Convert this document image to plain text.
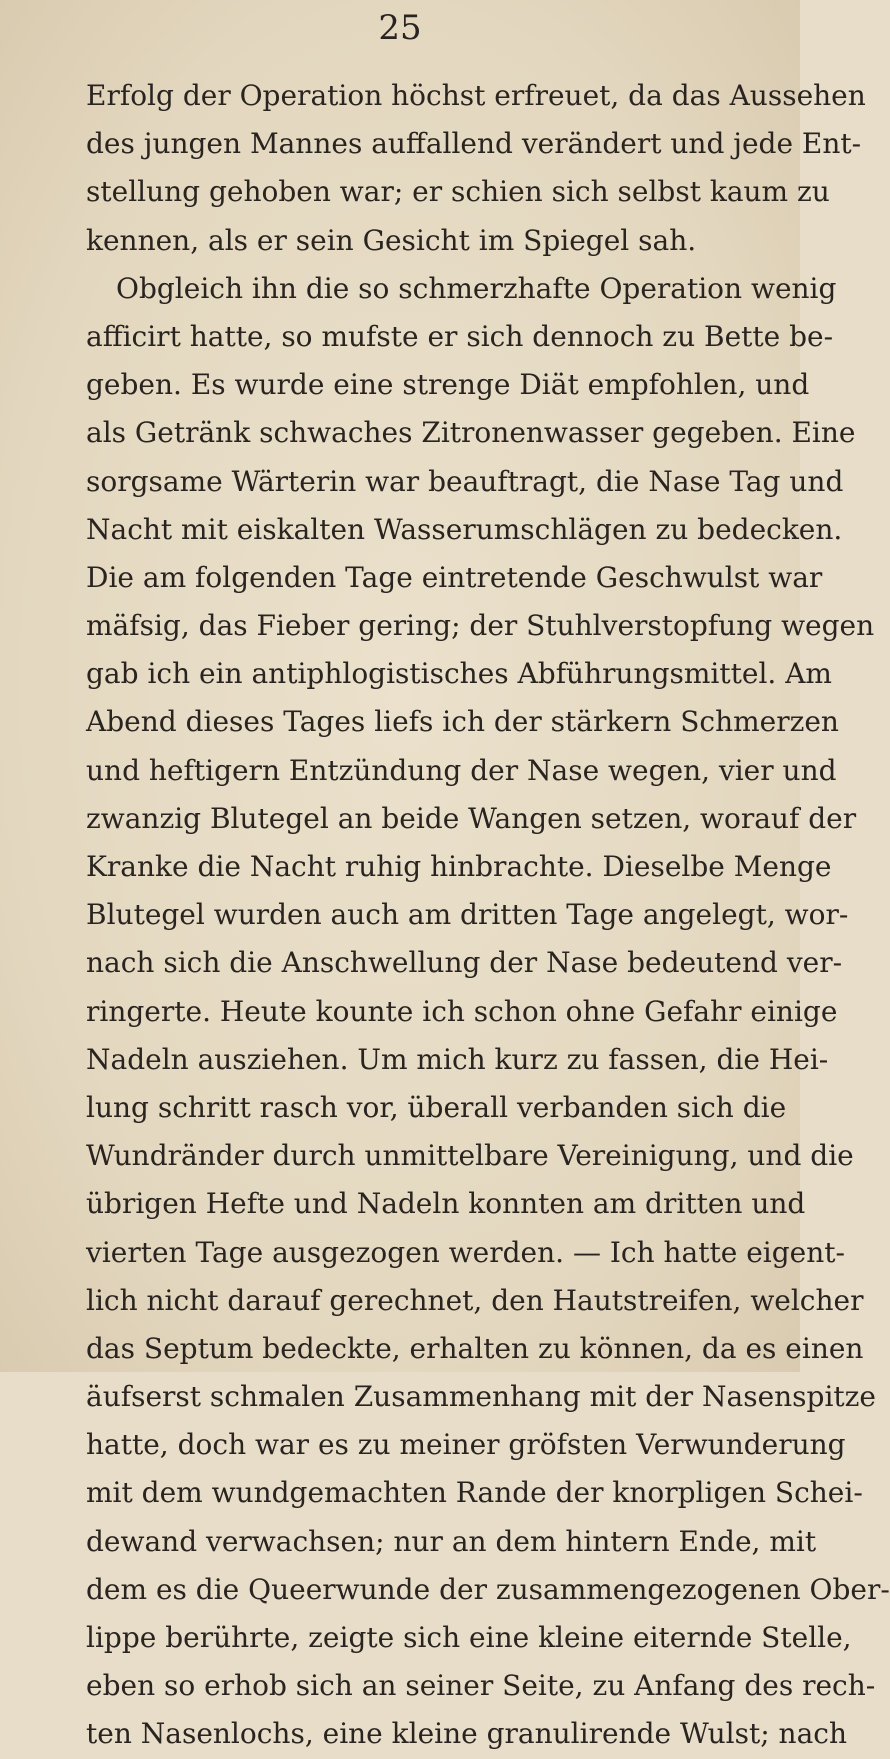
25
Erfolg der Operation höchst erfreuet, da das Aussehen
des jungen Mannes auffallend verändert und jede Ent-
stellung gehoben war; er schien sich selbst kaum zu
kennen, als er sein Gesicht im Spiegel sah.
Obgleich ihn die so schmerzhafte Operation wenig
afficirt hatte, so mufste er sich dennoch zu Bette be-
geben. Es wurde eine strenge Diät empfohlen, und
als Getränk schwaches Zitronenwasser gegeben. Eine
sorgsame Wärterin war beauftragt, die Nase Tag und
Nacht mit eiskalten Wasserumschlägen zu bedecken.
Die am folgenden Tage eintretende Geschwulst war
mäfsig, das Fieber gering; der Stuhlverstopfung wegen
gab ich ein antiphlogistisches Abführungsmittel. Am
Abend dieses Tages liefs ich der stärkern Schmerzen
und heftigern Entzündung der Nase wegen, vier und
zwanzig Blutegel an beide Wangen setzen, worauf der
Kranke die Nacht ruhig hinbrachte. Dieselbe Menge
Blutegel wurden auch am dritten Tage angelegt, wor-
nach sich die Anschwellung der Nase bedeutend ver-
ringerte. Heute kounte ich schon ohne Gefahr einige
Nadeln ausziehen. Um mich kurz zu fassen, die Hei-
lung schritt rasch vor, überall verbanden sich die
Wundränder durch unmittelbare Vereinigung, und die
übrigen Hefte und Nadeln konnten am dritten und
vierten Tage ausgezogen werden. — Ich hatte eigent-
lich nicht darauf gerechnet, den Hautstreifen, welcher
das Septum bedeckte, erhalten zu können, da es einen
äufserst schmalen Zusammenhang mit der Nasenspitze
hatte, doch war es zu meiner gröfsten Verwunderung
mit dem wundgemachten Rande der knorpligen Schei-
dewand verwachsen; nur an dem hintern Ende, mit
dem es die Queerwunde der zusammengezogenen Ober-
lippe berührte, zeigte sich eine kleine eiternde Stelle,
eben so erhob sich an seiner Seite, zu Anfang des rech-
ten Nasenlochs, eine kleine granulirende Wulst; nach
